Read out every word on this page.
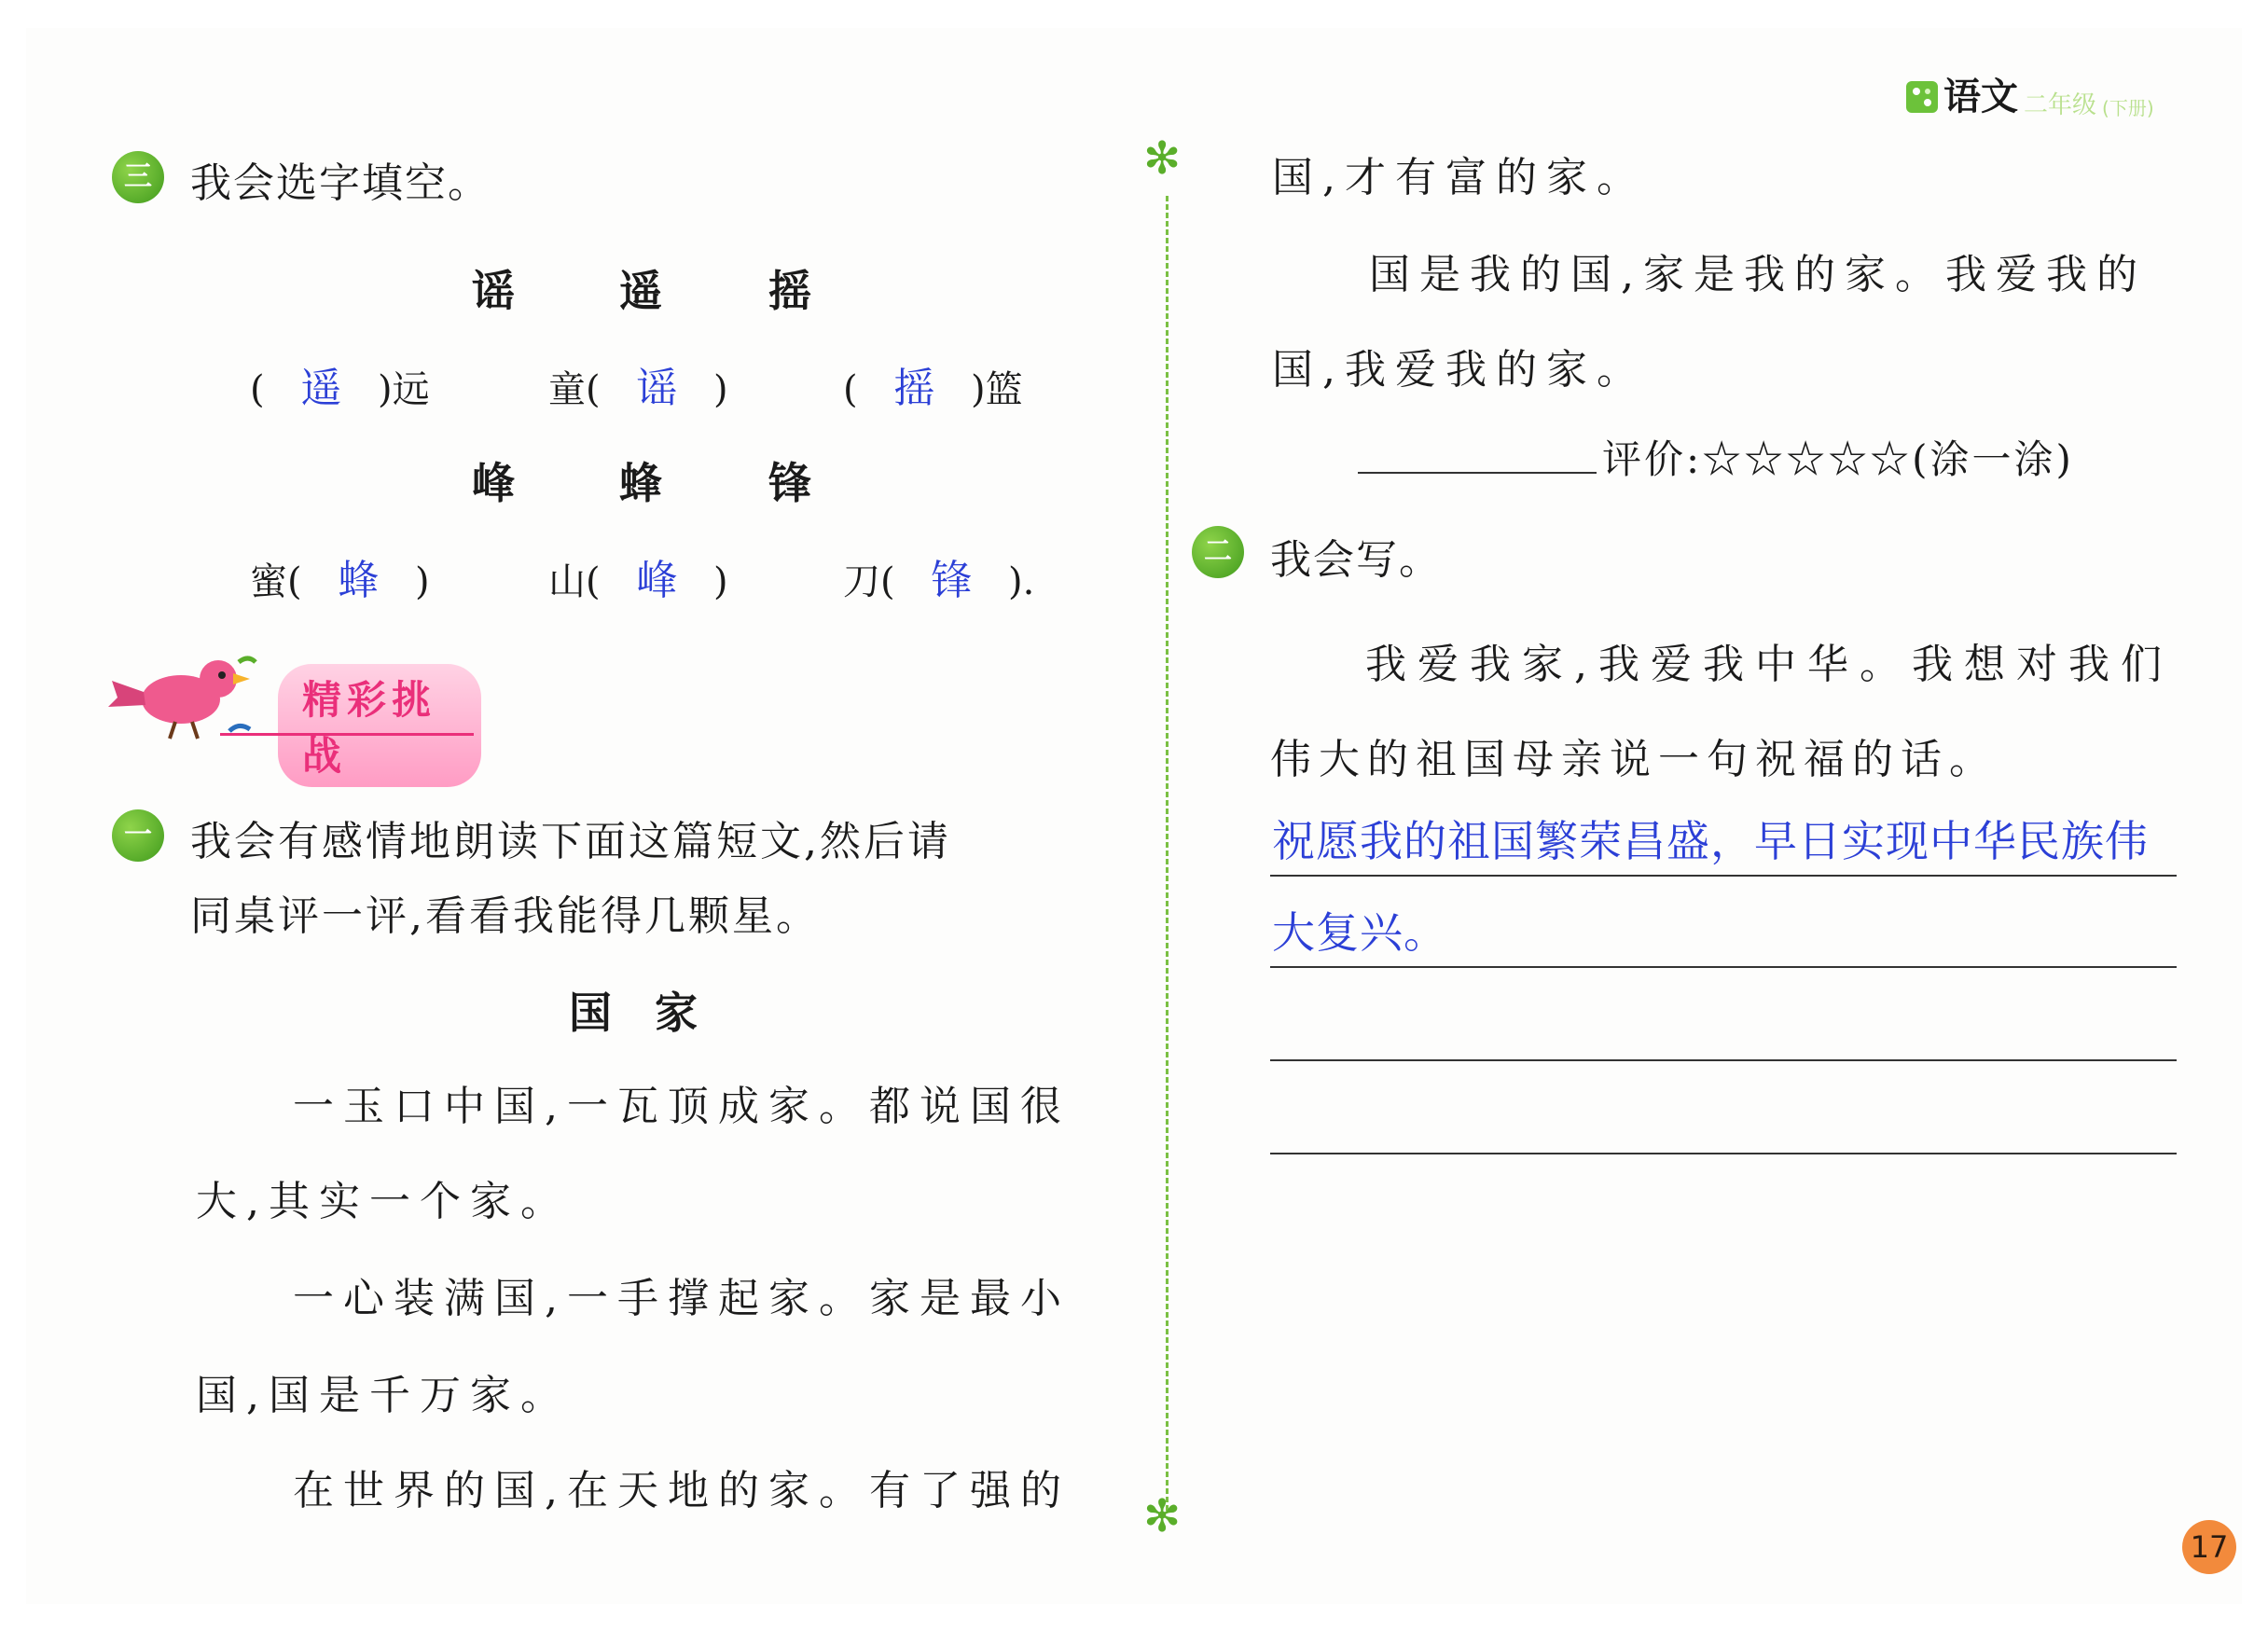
语文 二年级 (下册)
三 我会选字填空。
谣 遥 摇
( 遥 )远	童( 谣 )	( 摇 )篮
峰 蜂 锋
蜜( 蜂 )	山( 峰 )	刀( 锋 ).
精彩挑战
一 我会有感情地朗读下面这篇短文,然后请
同桌评一评,看看我能得几颗星。
国　家
一玉口中国,一瓦顶成家。都说国很
大,其实一个家。
一心装满国,一手撑起家。家是最小
国,国是千万家。
在世界的国,在天地的家。有了强的
✻
✻
国,才有富的家。
国是我的国,家是我的家。我爱我的
国,我爱我的家。
评价:☆☆☆☆☆(涂一涂)
二 我会写。
我爱我家,我爱我中华。我想对我们
伟大的祖国母亲说一句祝福的话。
祝愿我的祖国繁荣昌盛，早日实现中华民族伟
大复兴。
17
